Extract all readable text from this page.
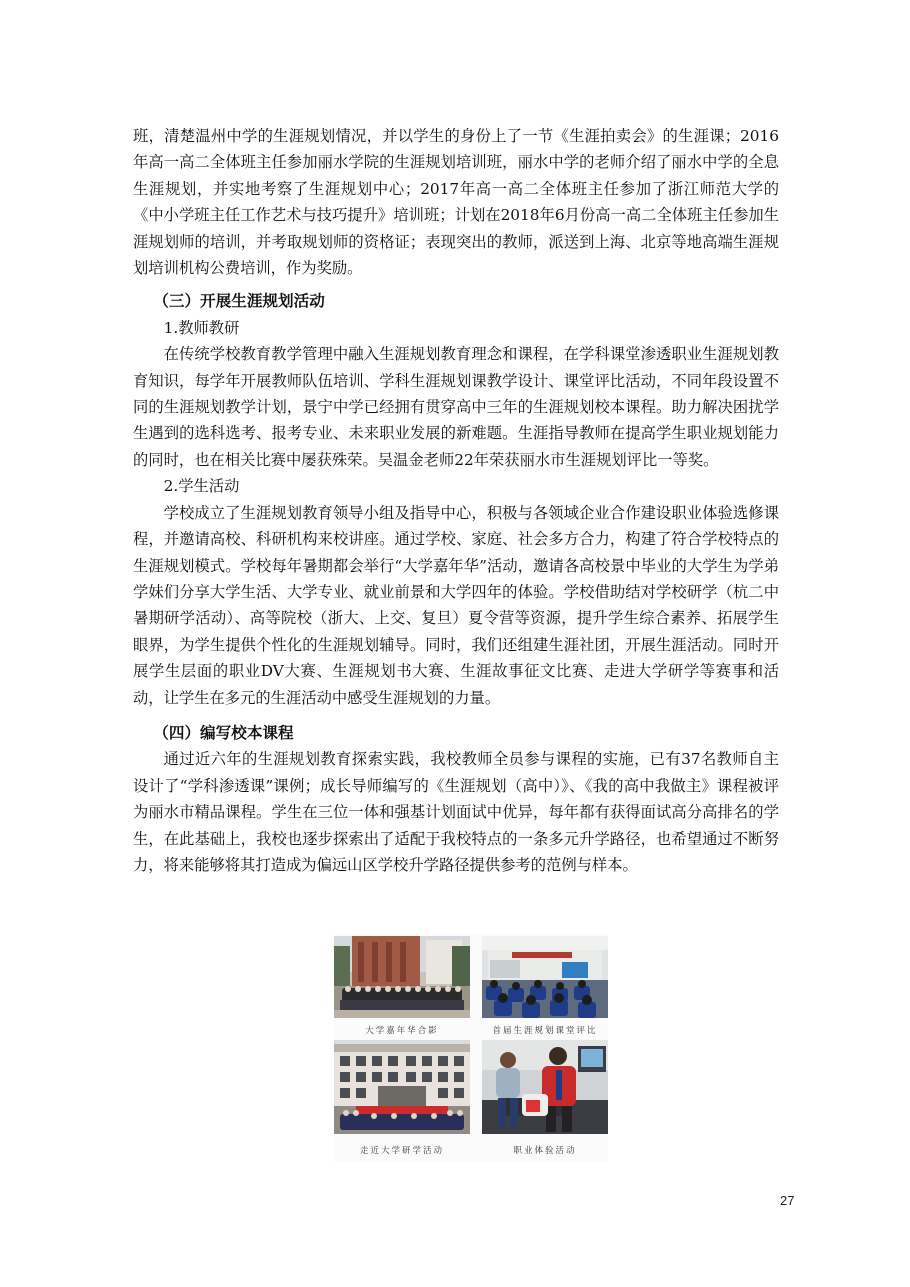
班，清楚温州中学的生涯规划情况，并以学生的身份上了一节《生涯拍卖会》的生涯课；2016年高一高二全体班主任参加丽水学院的生涯规划培训班，丽水中学的老师介绍了丽水中学的全息生涯规划，并实地考察了生涯规划中心；2017年高一高二全体班主任参加了浙江师范大学的《中小学班主任工作艺术与技巧提升》培训班；计划在2018年6月份高一高二全体班主任参加生涯规划师的培训，并考取规划师的资格证；表现突出的教师，派送到上海、北京等地高端生涯规划培训机构公费培训，作为奖励。

（三）开展生涯规划活动

1.教师教研

在传统学校教育教学管理中融入生涯规划教育理念和课程，在学科课堂渗透职业生涯规划教育知识，每学年开展教师队伍培训、学科生涯规划课教学设计、课堂评比活动，不同年段设置不同的生涯规划教学计划，景宁中学已经拥有贯穿高中三年的生涯规划校本课程。助力解决困扰学生遇到的选科选考、报考专业、未来职业发展的新难题。生涯指导教师在提高学生职业规划能力的同时，也在相关比赛中屡获殊荣。吴温金老师22年荣获丽水市生涯规划评比一等奖。

2.学生活动

学校成立了生涯规划教育领导小组及指导中心，积极与各领域企业合作建设职业体验选修课程，并邀请高校、科研机构来校讲座。通过学校、家庭、社会多方合力，构建了符合学校特点的生涯规划模式。学校每年暑期都会举行“大学嘉年华”活动，邀请各高校景中毕业的大学生为学弟学妹们分享大学生活、大学专业、就业前景和大学四年的体验。学校借助结对学校研学（杭二中暑期研学活动）、高等院校（浙大、上交、复旦）夏令营等资源，提升学生综合素养、拓展学生眼界，为学生提供个性化的生涯规划辅导。同时，我们还组建生涯社团，开展生涯活动。同时开展学生层面的职业DV大赛、生涯规划书大赛、生涯故事征文比赛、走进大学研学等赛事和活动，让学生在多元的生涯活动中感受生涯规划的力量。

（四）编写校本课程

通过近六年的生涯规划教育探索实践，我校教师全员参与课程的实施，已有37名教师自主设计了“学科渗透课”课例；成长导师编写的《生涯规划（高中）》、《我的高中我做主》课程被评为丽水市精品课程。学生在三位一体和强基计划面试中优异，每年都有获得面试高分高排名的学生，在此基础上，我校也逐步探索出了适配于我校特点的一条多元升学路径，也希望通过不断努力，将来能够将其打造成为偏远山区学校升学路径提供参考的范例与样本。

大学嘉年华合影	首届生涯规划课堂评比
走近大学研学活动	职业体验活动
27
